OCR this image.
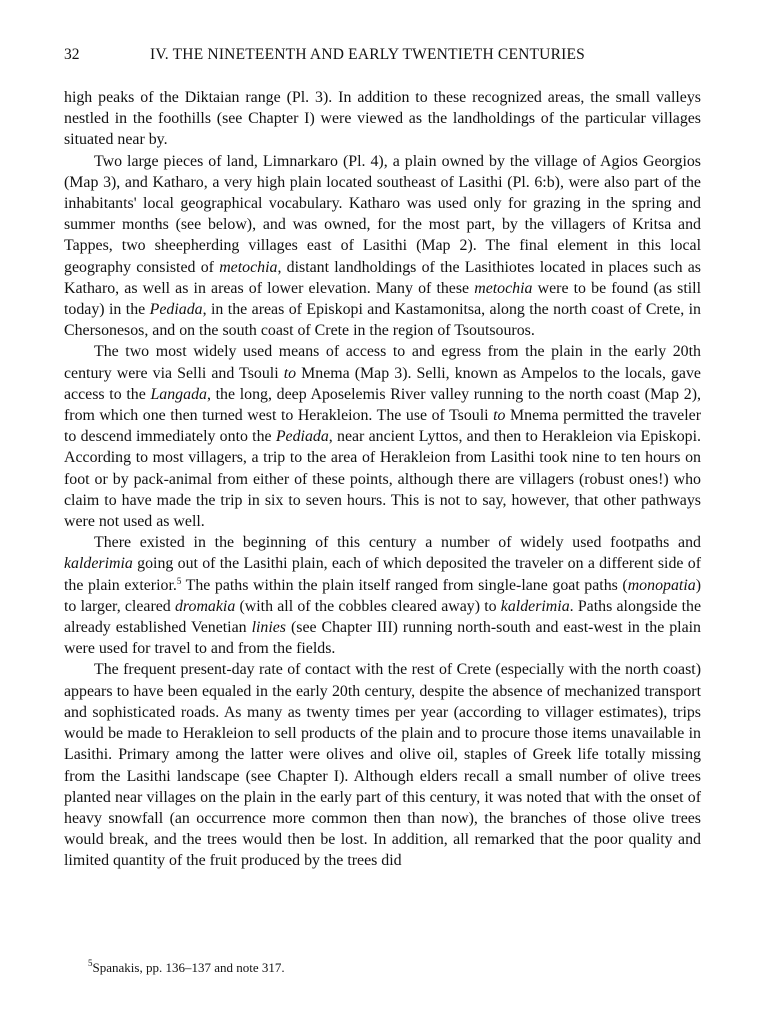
32	IV. THE NINETEENTH AND EARLY TWENTIETH CENTURIES

high peaks of the Diktaian range (Pl. 3). In addition to these recognized areas, the small valleys nestled in the foothills (see Chapter I) were viewed as the landholdings of the particular villages situated near by.

Two large pieces of land, Limnarkaro (Pl. 4), a plain owned by the village of Agios Georgios (Map 3), and Katharo, a very high plain located southeast of Lasithi (Pl. 6:b), were also part of the inhabitants' local geographical vocabulary. Katharo was used only for grazing in the spring and summer months (see below), and was owned, for the most part, by the villagers of Kritsa and Tappes, two sheepherding villages east of Lasithi (Map 2). The final element in this local geography consisted of metochia, distant landholdings of the Lasithiotes located in places such as Katharo, as well as in areas of lower elevation. Many of these metochia were to be found (as still today) in the Pediada, in the areas of Episkopi and Kastamonitsa, along the north coast of Crete, in Chersonesos, and on the south coast of Crete in the region of Tsoutsouros.

The two most widely used means of access to and egress from the plain in the early 20th century were via Selli and Tsouli to Mnema (Map 3). Selli, known as Ampelos to the locals, gave access to the Langada, the long, deep Aposelemis River valley running to the north coast (Map 2), from which one then turned west to Herakleion. The use of Tsouli to Mnema permitted the traveler to descend immediately onto the Pediada, near ancient Lyttos, and then to Herakleion via Episkopi. According to most villagers, a trip to the area of Herakleion from Lasithi took nine to ten hours on foot or by pack-animal from either of these points, although there are villagers (robust ones!) who claim to have made the trip in six to seven hours. This is not to say, however, that other pathways were not used as well.

There existed in the beginning of this century a number of widely used footpaths and kalderimia going out of the Lasithi plain, each of which deposited the traveler on a different side of the plain exterior.$^5$ The paths within the plain itself ranged from single-lane goat paths (monopatia) to larger, cleared dromakia (with all of the cobbles cleared away) to kalderimia. Paths alongside the already established Venetian linies (see Chapter III) running north-south and east-west in the plain were used for travel to and from the fields.

The frequent present-day rate of contact with the rest of Crete (especially with the north coast) appears to have been equaled in the early 20th century, despite the absence of mechanized transport and sophisticated roads. As many as twenty times per year (according to villager estimates), trips would be made to Herakleion to sell products of the plain and to procure those items unavailable in Lasithi. Primary among the latter were olives and olive oil, staples of Greek life totally missing from the Lasithi landscape (see Chapter I). Although elders recall a small number of olive trees planted near villages on the plain in the early part of this century, it was noted that with the onset of heavy snowfall (an occurrence more common then than now), the branches of those olive trees would break, and the trees would then be lost. In addition, all remarked that the poor quality and limited quantity of the fruit produced by the trees did

$^5$Spanakis, pp. 136–137 and note 317.
